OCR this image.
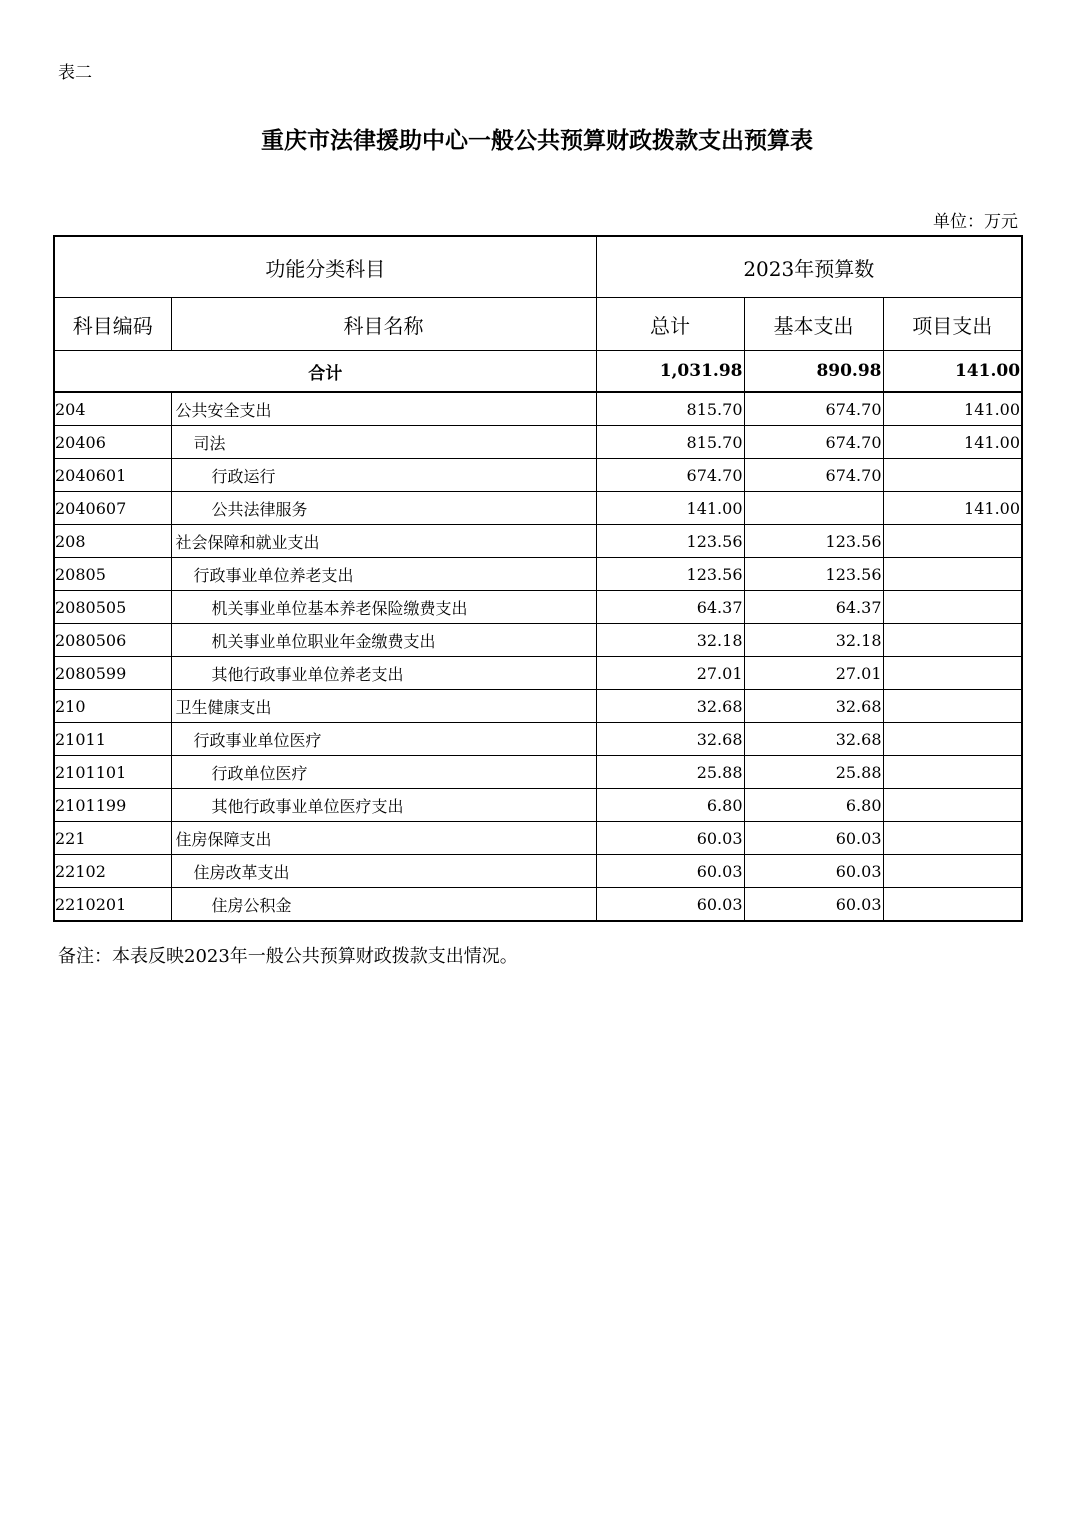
表二
重庆市法律援助中心一般公共预算财政拨款支出预算表
单位：万元
功能分类科目		2023年预算数		
科目编码	科目名称	总计	基本支出	项目支出
合计		1,031.98	890.98	141.00
204	公共安全支出	815.70	674.70	141.00
20406	司法	815.70	674.70	141.00
2040601	行政运行	674.70	674.70	
2040607	公共法律服务	141.00		141.00
208	社会保障和就业支出	123.56	123.56	
20805	行政事业单位养老支出	123.56	123.56	
2080505	机关事业单位基本养老保险缴费支出	64.37	64.37	
2080506	机关事业单位职业年金缴费支出	32.18	32.18	
2080599	其他行政事业单位养老支出	27.01	27.01	
210	卫生健康支出	32.68	32.68	
21011	行政事业单位医疗	32.68	32.68	
2101101	行政单位医疗	25.88	25.88	
2101199	其他行政事业单位医疗支出	6.80	6.80	
221	住房保障支出	60.03	60.03	
22102	住房改革支出	60.03	60.03	
2210201	住房公积金	60.03	60.03	
备注：本表反映2023年一般公共预算财政拨款支出情况。
